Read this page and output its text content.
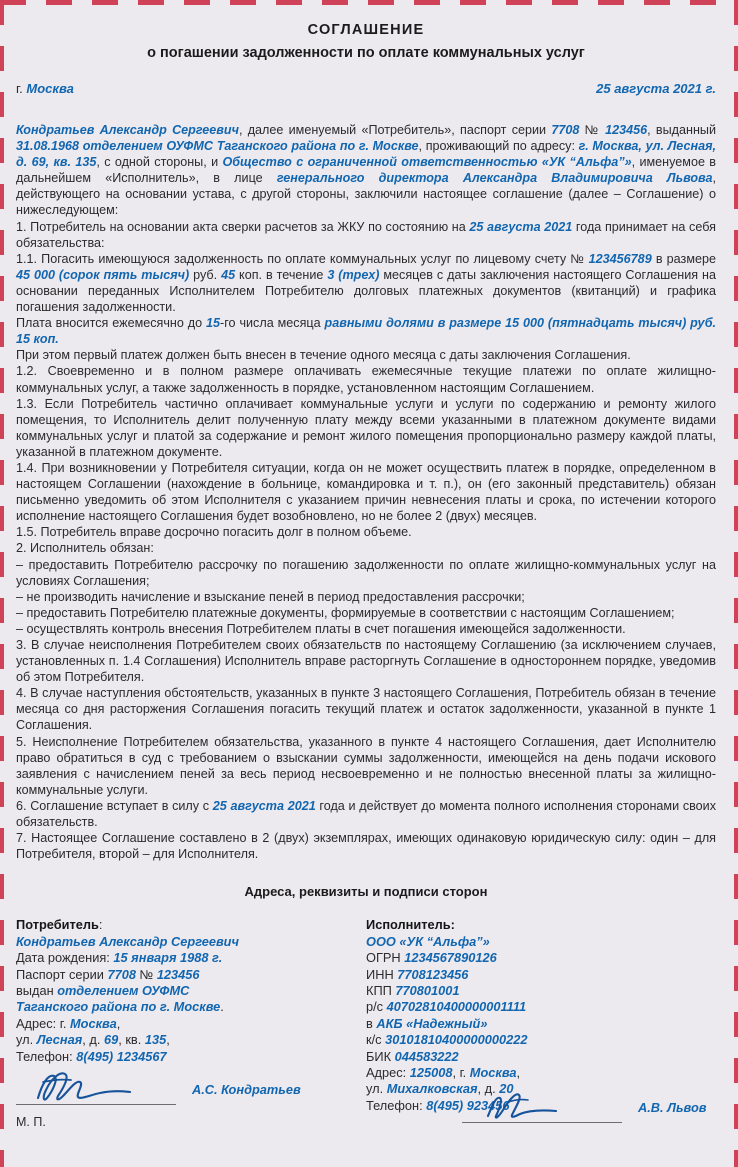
СОГЛАШЕНИЕ
о погашении задолженности по оплате коммунальных услуг
г. Москва	25 августа 2021 г.

Кондратьев Александр Сергеевич, далее именуемый «Потребитель», паспорт серии 7708 № 123456, выданный 31.08.1968 отделением ОУФМС Таганского района по г. Москве, проживающий по адресу: г. Москва, ул. Лесная, д. 69, кв. 135, с одной стороны, и Общество с ограниченной ответственностью «УК “Альфа”», именуемое в дальнейшем «Исполнитель», в лице генерального директора Александра Владимировича Львова, действующего на основании устава, с другой стороны, заключили настоящее соглашение (далее – Соглашение) о нижеследующем:

1. Потребитель на основании акта сверки расчетов за ЖКУ по состоянию на 25 августа 2021 года принимает на себя обязательства:

1.1. Погасить имеющуюся задолженность по оплате коммунальных услуг по лицевому счету № 123456789 в размере 45 000 (сорок пять тысяч) руб. 45 коп. в течение 3 (трех) месяцев с даты заключения настоящего Соглашения на основании переданных Исполнителем Потребителю долговых платежных документов (квитанций) и графика погашения задолженности.

Плата вносится ежемесячно до 15-го числа месяца равными долями в размере 15 000 (пятнадцать тысяч) руб. 15 коп.

При этом первый платеж должен быть внесен в течение одного месяца с даты заключения Соглашения.

1.2. Своевременно и в полном размере оплачивать ежемесячные текущие платежи по оплате жилищно-коммунальных услуг, а также задолженность в порядке, установленном настоящим Соглашением.

1.3. Если Потребитель частично оплачивает коммунальные услуги и услуги по содержанию и ремонту жилого помещения, то Исполнитель делит полученную плату между всеми указанными в платежном документе видами коммунальных услуг и платой за содержание и ремонт жилого помещения пропорционально размеру каждой платы, указанной в платежном документе.

1.4. При возникновении у Потребителя ситуации, когда он не может осуществить платеж в порядке, определенном в настоящем Соглашении (нахождение в больнице, командировка и т. п.), он (его законный представитель) обязан письменно уведомить об этом Исполнителя с указанием причин невнесения платы и срока, по истечении которого исполнение настоящего Соглашения будет возобновлено, но не более 2 (двух) месяцев.

1.5. Потребитель вправе досрочно погасить долг в полном объеме.

2. Исполнитель обязан:

– предоставить Потребителю рассрочку по погашению задолженности по оплате жилищно-коммунальных услуг на условиях Соглашения;

– не производить начисление и взыскание пеней в период предоставления рассрочки;

– предоставить Потребителю платежные документы, формируемые в соответствии с настоящим Соглашением;

– осуществлять контроль внесения Потребителем платы в счет погашения имеющейся задолженности.

3. В случае неисполнения Потребителем своих обязательств по настоящему Соглашению (за исключением случаев, установленных п. 1.4 Соглашения) Исполнитель вправе расторгнуть Соглашение в одностороннем порядке, уведомив об этом Потребителя.

4. В случае наступления обстоятельств, указанных в пункте 3 настоящего Соглашения, Потребитель обязан в течение месяца со дня расторжения Соглашения погасить текущий платеж и остаток задолженности, указанной в пункте 1 Соглашения.

5. Неисполнение Потребителем обязательства, указанного в пункте 4 настоящего Соглашения, дает Исполнителю право обратиться в суд с требованием о взыскании суммы задолженности, имеющейся на день подачи искового заявления с начислением пеней за весь период несвоевременно и не полностью внесенной платы за жилищно-коммунальные услуги.

6. Соглашение вступает в силу с 25 августа 2021 года и действует до момента полного исполнения сторонами своих обязательств.

7. Настоящее Соглашение составлено в 2 (двух) экземплярах, имеющих одинаковую юридическую силу: один – для Потребителя, второй – для Исполнителя.

Адреса, реквизиты и подписи сторон
Потребитель:
Кондратьев Александр Сергеевич
Дата рождения: 15 января 1988 г.
Паспорт серии 7708 № 123456
выдан отделением ОУФМС
Таганского района по г. Москве.
Адрес: г. Москва,
ул. Лесная, д. 69, кв. 135,
Телефон: 8(495) 1234567
Исполнитель:
ООО «УК “Альфа”»
ОГРН 1234567890126
ИНН 7708123456
КПП 770801001
р/с 40702810400000001111
в АКБ «Надежный»
к/с 30101810400000000222
БИК 044583222
Адрес: 125008, г. Москва,
ул. Михалковская, д. 20
Телефон: 8(495) 923456
А.С. Кондратьев
М. П.
А.В. Львов
